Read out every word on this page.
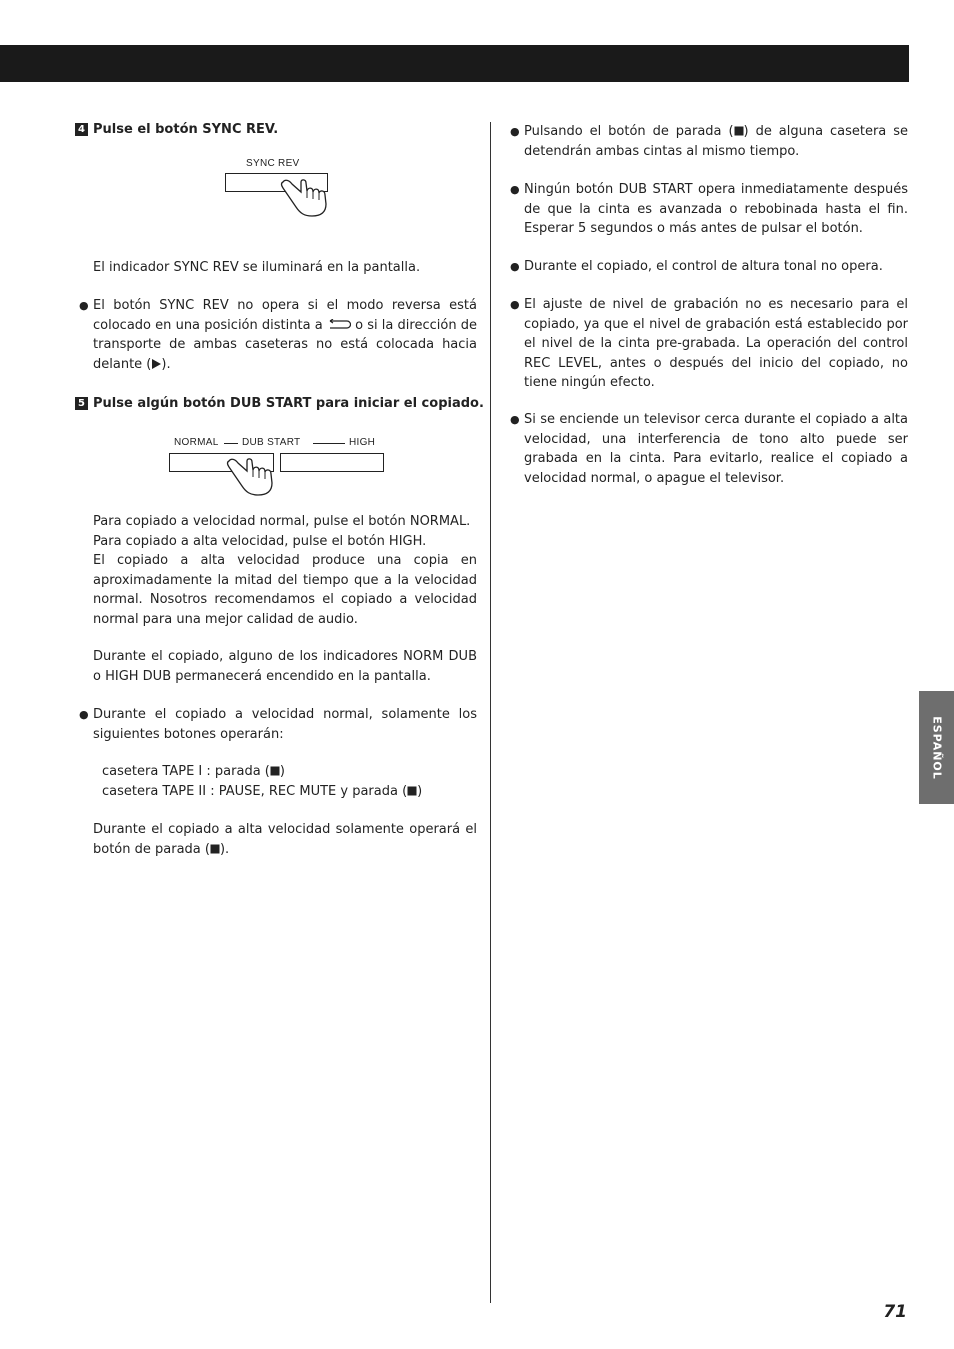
4 Pulse el botón SYNC REV.
SYNC REV

El indicador SYNC REV se iluminará en la pantalla.

● El botón SYNC REV no opera si el modo reversa está colocado en una posición distinta a o si la dirección de transporte de ambas caseteras no está colocada hacia delante ( ).

5 Pulse algún botón DUB START para iniciar el copiado.
NORMAL DUB START	HIGH

Para copiado a velocidad normal, pulse el botón NORMAL.

Para copiado a alta velocidad, pulse el botón HIGH.

El copiado a alta velocidad produce una copia en aproximadamente la mitad del tiempo que a la velocidad normal. Nosotros recomendamos el copiado a velocidad normal para una mejor calidad de audio.

Durante el copiado, alguno de los indicadores NORM DUB o HIGH DUB permanecerá encendido en la pantalla.

● Durante el copiado a velocidad normal, solamente los siguientes botones operarán:

casetera TAPE I : parada ( )

casetera TAPE II : PAUSE, REC MUTE y parada ( )

Durante el copiado a alta velocidad solamente operará el botón de parada ( ).

● Pulsando el botón de parada ( ) de alguna casetera se detendrán ambas cintas al mismo tiempo.

● Ningún botón DUB START opera inmediatamente después de que la cinta es avanzada o rebobinada hasta el fin. Esperar 5 segundos o más antes de pulsar el botón.

● Durante el copiado, el control de altura tonal no opera.

● El ajuste de nivel de grabación no es necesario para el copiado, ya que el nivel de grabación está establecido por el nivel de la cinta pre-grabada. La operación del control REC LEVEL, antes o después del inicio del copiado, no tiene ningún efecto.

● Si se enciende un televisor cerca durante el copiado a alta velocidad, una interferencia de tono alto puede ser grabada en la cinta. Para evitarlo, realice el copiado a velocidad normal, o apague el televisor.

ESPAÑOL
71
